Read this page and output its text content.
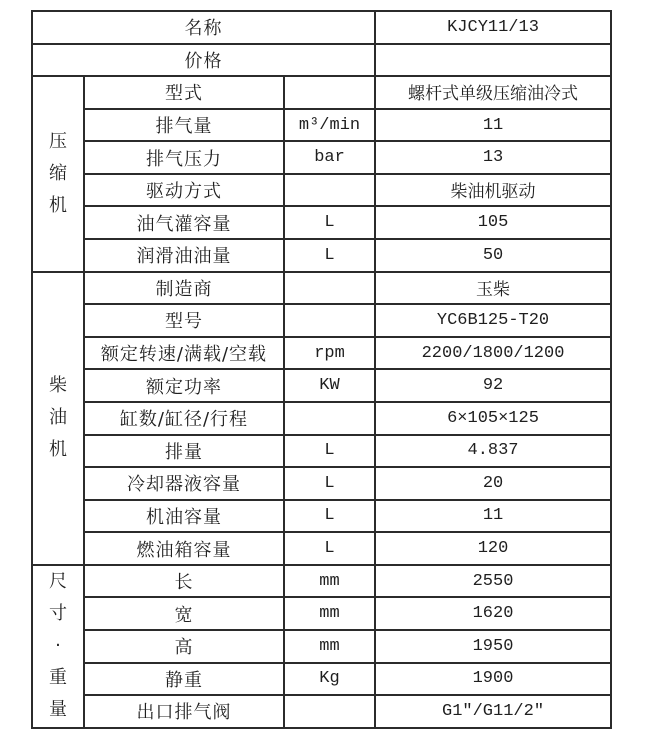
名称			KJCY11/13
价格			

压缩机	型式		螺杆式单级压缩油冷式
	排气量	m³/min	11
	排气压力	bar	13
	驱动方式		柴油机驱动
	油气灌容量	L	105
	润滑油油量	L	50

柴油机	制造商		玉柴
	型号		YC6B125-T20
	额定转速/满载/空载	rpm	2200/1800/1200
	额定功率	KW	92
	缸数/缸径/行程		6×105×125
	排量	L	4.837
	冷却器液容量	L	20
	机油容量	L	11
	燃油箱容量	L	120

尺寸·重量	长	mm	2550
	宽	mm	1620
	高	mm	1950
	静重	Kg	1900
	出口排气阀		G1″/G11/2″
